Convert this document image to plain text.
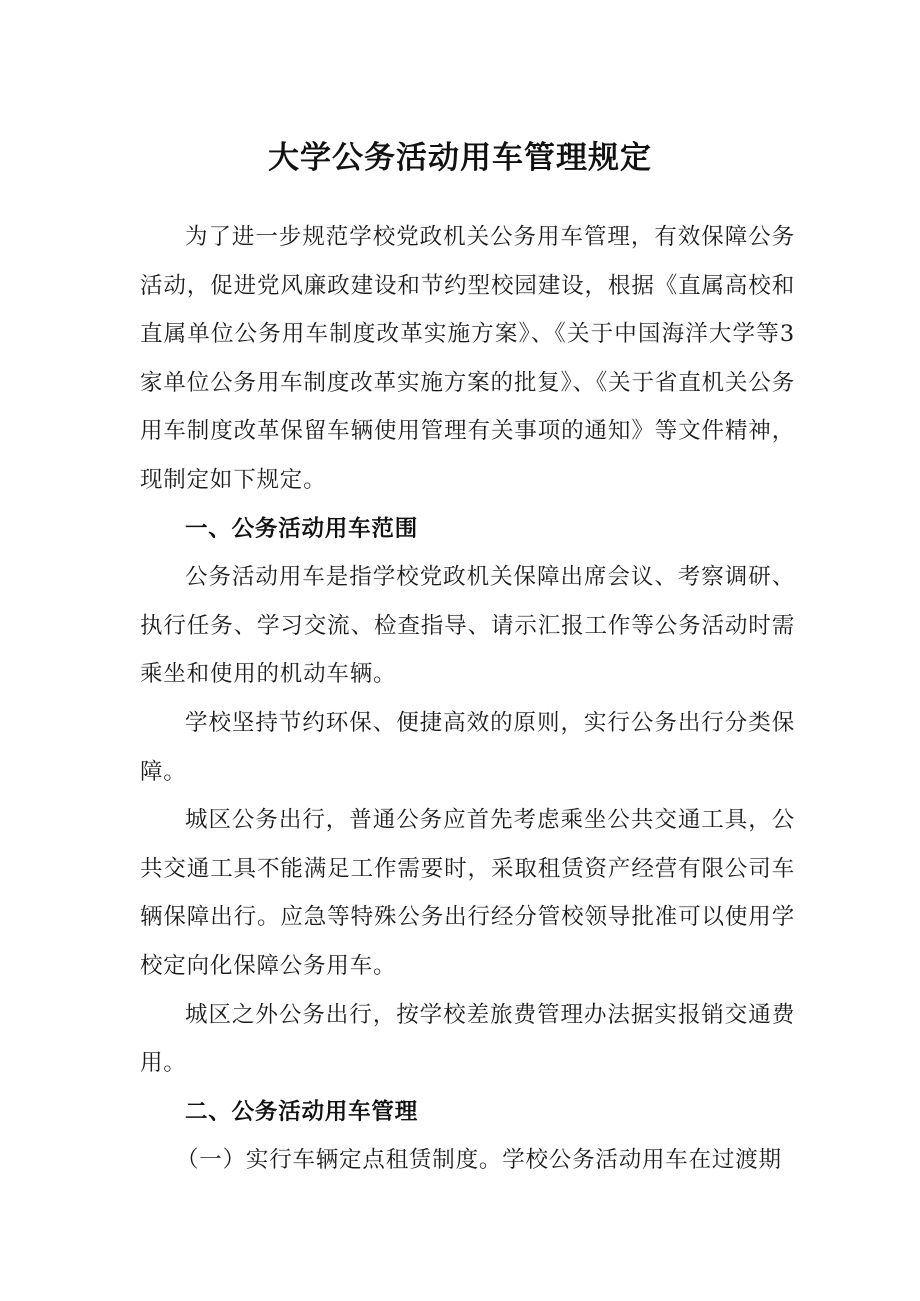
大学公务活动用车管理规定

为了进一步规范学校党政机关公务用车管理，有效保障公务活动，促进党风廉政建设和节约型校园建设，根据《直属高校和直属单位公务用车制度改革实施方案》、《关于中国海洋大学等3家单位公务用车制度改革实施方案的批复》、《关于省直机关公务用车制度改革保留车辆使用管理有关事项的通知》等文件精神，现制定如下规定。

一、公务活动用车范围

公务活动用车是指学校党政机关保障出席会议、考察调研、执行任务、学习交流、检查指导、请示汇报工作等公务活动时需乘坐和使用的机动车辆。

学校坚持节约环保、便捷高效的原则，实行公务出行分类保障。

城区公务出行，普通公务应首先考虑乘坐公共交通工具，公共交通工具不能满足工作需要时，采取租赁资产经营有限公司车辆保障出行。应急等特殊公务出行经分管校领导批准可以使用学校定向化保障公务用车。

城区之外公务出行，按学校差旅费管理办法据实报销交通费用。

二、公务活动用车管理

（一）实行车辆定点租赁制度。学校公务活动用车在过渡期
